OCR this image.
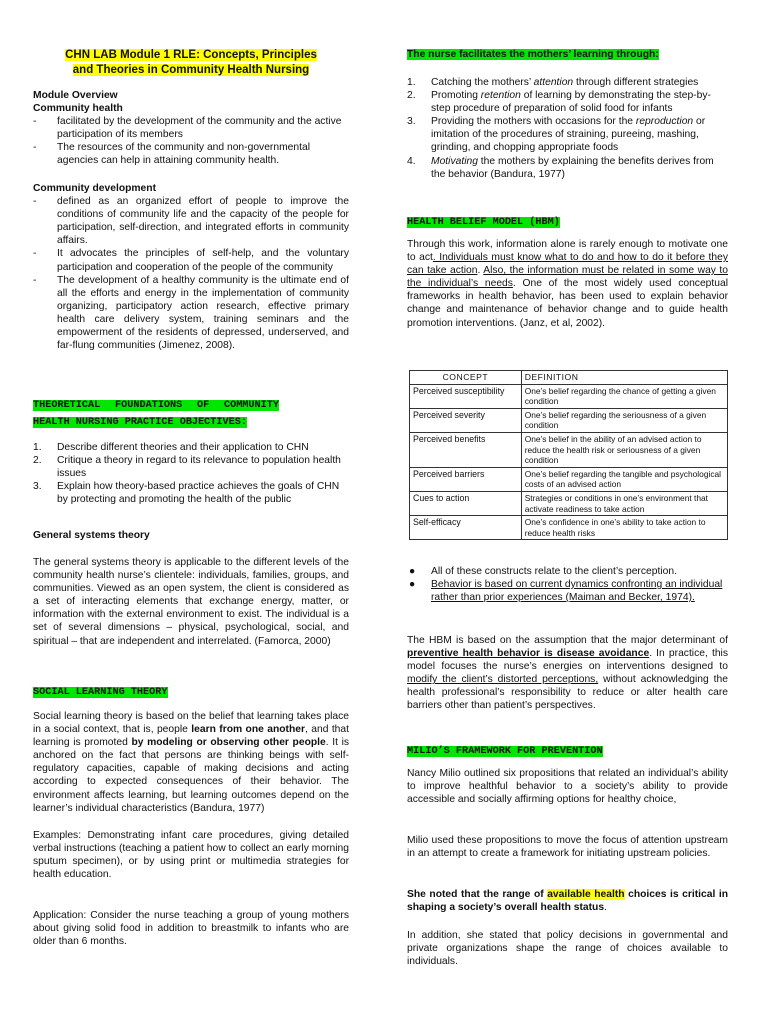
CHN LAB Module 1 RLE: Concepts, Principles
and Theories in Community Health Nursing
Module Overview
Community health
- facilitated by the development of the community and the active participation of its members
- The resources of the community and non-governmental agencies can help in attaining community health.
Community development
- defined as an organized effort of people to improve the conditions of community life and the capacity of the people for participation, self-direction, and integrated efforts in community affairs.
- It advocates the principles of self-help, and the voluntary participation and cooperation of the people of the community
- The development of a healthy community is the ultimate end of all the efforts and energy in the implementation of community organizing, participatory action research, effective primary health care delivery system, training seminars and the empowerment of the residents of depressed, underserved, and far-flung communities (Jimenez, 2008).
THEORETICAL FOUNDATIONS OF COMMUNITY HEALTH NURSING PRACTICE OBJECTIVES:
1. Describe different theories and their application to CHN
2. Critique a theory in regard to its relevance to population health issues
3. Explain how theory-based practice achieves the goals of CHN by protecting and promoting the health of the public
General systems theory
The general systems theory is applicable to the different levels of the community health nurse’s clientele: individuals, families, groups, and communities. Viewed as an open system, the client is considered as a set of interacting elements that exchange energy, matter, or information with the external environment to exist. The individual is a set of several dimensions – physical, psychological, social, and spiritual – that are independent and interrelated. (Famorca, 2000)
SOCIAL LEARNING THEORY
Social learning theory is based on the belief that learning takes place in a social context, that is, people learn from one another, and that learning is promoted by modeling or observing other people. It is anchored on the fact that persons are thinking beings with self-regulatory capacities, capable of making decisions and acting according to expected consequences of their behavior. The environment affects learning, but learning outcomes depend on the learner’s individual characteristics (Bandura, 1977)
Examples: Demonstrating infant care procedures, giving detailed verbal instructions (teaching a patient how to collect an early morning sputum specimen), or by using print or multimedia strategies for health education.
Application: Consider the nurse teaching a group of young mothers about giving solid food in addition to breastmilk to infants who are older than 6 months.
The nurse facilitates the mothers’ learning through:
1. Catching the mothers’ attention through different strategies
2. Promoting retention of learning by demonstrating the step-by-step procedure of preparation of solid food for infants
3. Providing the mothers with occasions for the reproduction or imitation of the procedures of straining, pureeing, mashing, grinding, and chopping appropriate foods
4. Motivating the mothers by explaining the benefits derives from the behavior (Bandura, 1977)
HEALTH BELIEF MODEL (HBM)
Through this work, information alone is rarely enough to motivate one to act. Individuals must know what to do and how to do it before they can take action. Also, the information must be related in some way to the individual’s needs. One of the most widely used conceptual frameworks in health behavior, has been used to explain behavior change and maintenance of behavior change and to guide health promotion interventions. (Janz, et al, 2002).
CONCEPT	DEFINITION
Perceived susceptibility	One’s belief regarding the chance of getting a given condition
Perceived severity	One’s belief regarding the seriousness of a given condition
Perceived benefits	One’s belief in the ability of an advised action to reduce the health risk or seriousness of a given condition
Perceived barriers	One’s belief regarding the tangible and psychological costs of an advised action
Cues to action	Strategies or conditions in one’s environment that activate readiness to take action
Self-efficacy	One’s confidence in one’s ability to take action to reduce health risks
● All of these constructs relate to the client’s perception.
● Behavior is based on current dynamics confronting an individual rather than prior experiences (Maiman and Becker, 1974).
The HBM is based on the assumption that the major determinant of preventive health behavior is disease avoidance. In practice, this model focuses the nurse’s energies on interventions designed to modify the client’s distorted perceptions, without acknowledging the health professional’s responsibility to reduce or alter health care barriers other than patient’s perspectives.
MILIO’S FRAMEWORK FOR PREVENTION
Nancy Milio outlined six propositions that related an individual’s ability to improve healthful behavior to a society’s ability to provide accessible and socially affirming options for healthy choice,
Milio used these propositions to move the focus of attention upstream in an attempt to create a framework for initiating upstream policies.
She noted that the range of available health choices is critical in shaping a society’s overall health status.
In addition, she stated that policy decisions in governmental and private organizations shape the range of choices available to individuals.
